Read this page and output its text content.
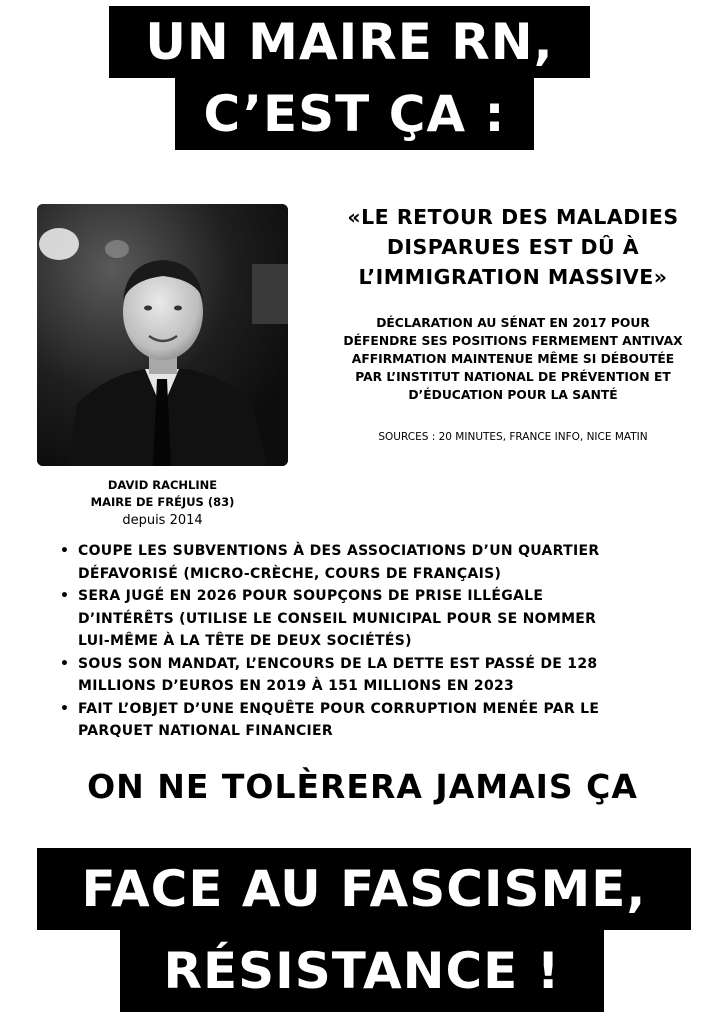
UN MAIRE RN,
C’EST ÇA :
DAVID RACHLINE
MAIRE DE FRÉJUS (83)
depuis 2014
«LE RETOUR DES MALADIES
DISPARUES EST DÛ À
L’IMMIGRATION MASSIVE»
DÉCLARATION AU SÉNAT EN 2017 POUR
DÉFENDRE SES POSITIONS FERMEMENT ANTIVAX
AFFIRMATION MAINTENUE MÊME SI DÉBOUTÉE
PAR L’INSTITUT NATIONAL DE PRÉVENTION ET
D’ÉDUCATION POUR LA SANTÉ
SOURCES : 20 MINUTES, FRANCE INFO, NICE MATIN
• COUPE LES SUBVENTIONS À DES ASSOCIATIONS D’UN QUARTIER
DÉFAVORISÉ (MICRO-CRÈCHE, COURS DE FRANÇAIS)
• SERA JUGÉ EN 2026 POUR SOUPÇONS DE PRISE ILLÉGALE
D’INTÉRÊTS (UTILISE LE CONSEIL MUNICIPAL POUR SE NOMMER
LUI-MÊME À LA TÊTE DE DEUX SOCIÉTÉS)
• SOUS SON MANDAT, L’ENCOURS DE LA DETTE EST PASSÉ DE 128
MILLIONS D’EUROS EN 2019 À 151 MILLIONS EN 2023
• FAIT L’OBJET D’UNE ENQUÊTE POUR CORRUPTION MENÉE PAR LE
PARQUET NATIONAL FINANCIER
ON NE TOLÈRERA JAMAIS ÇA
FACE AU FASCISME,
RÉSISTANCE !
